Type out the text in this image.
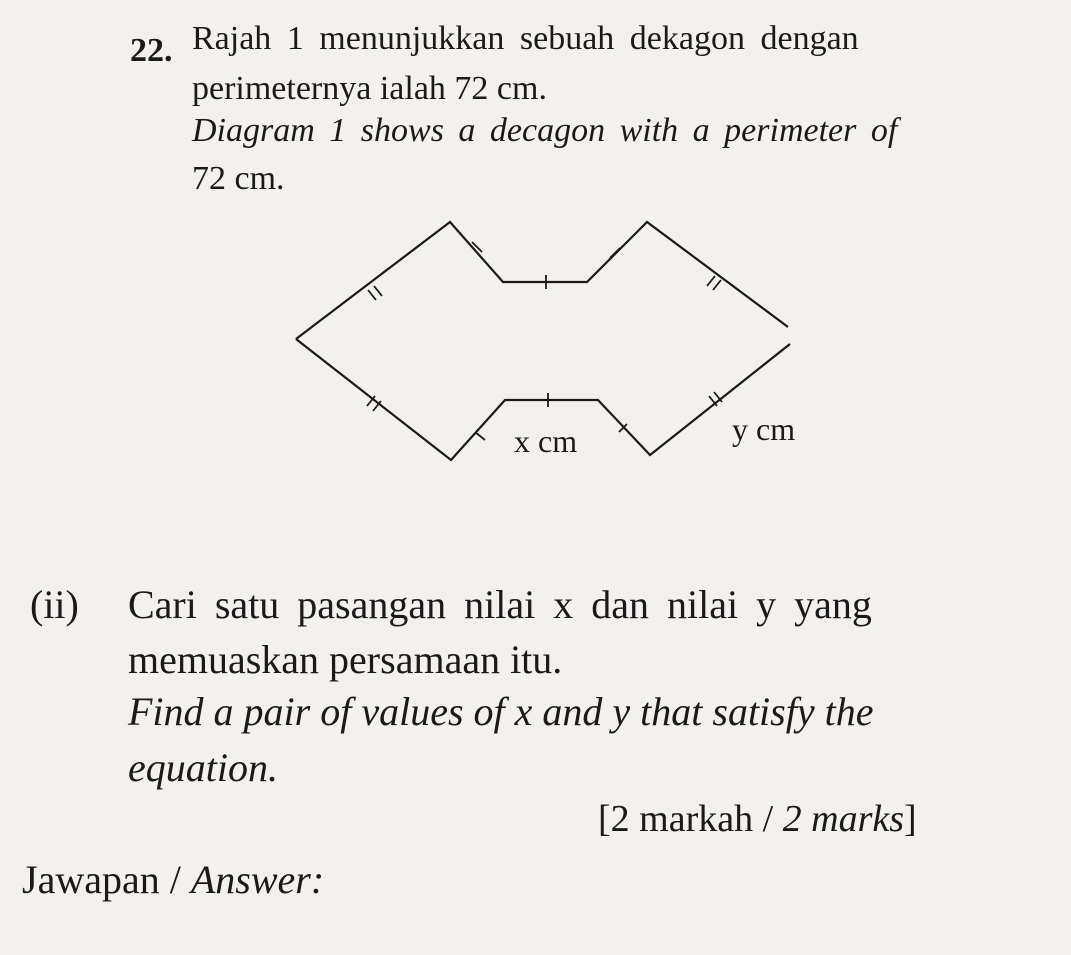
22. Rajah 1 menunjukkan sebuah dekagon dengan
perimeternya ialah 72 cm.
Diagram 1 shows a decagon with a perimeter of
72 cm.
x cm	y cm
(ii) Cari satu pasangan nilai x dan nilai y yang
memuaskan persamaan itu.
Find a pair of values of x and y that satisfy the
equation.
[2 markah / 2 marks]
Jawapan / Answer:
